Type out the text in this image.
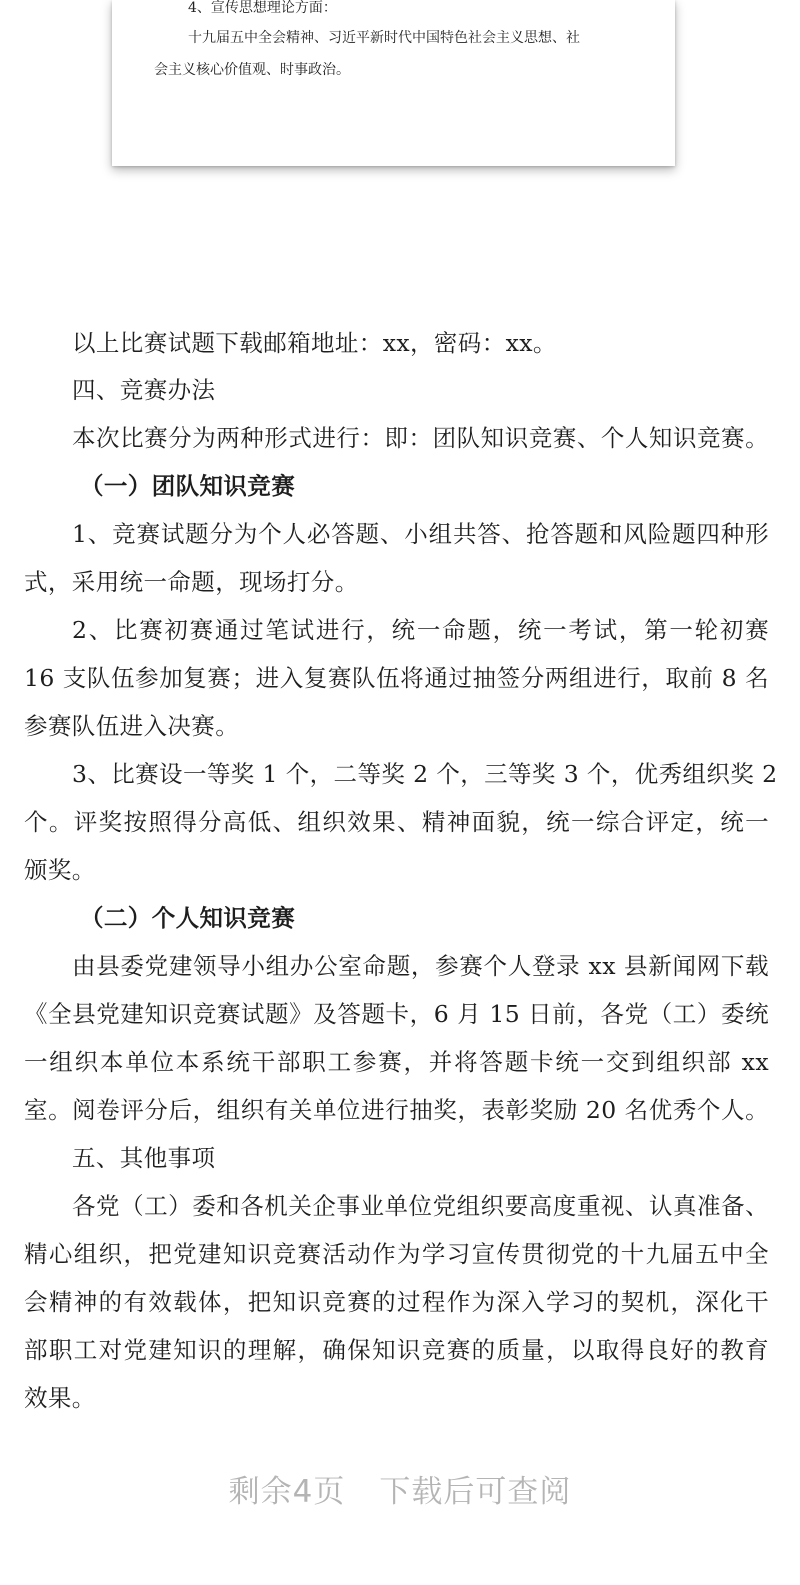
4、宣传思想理论方面：
十九届五中全会精神、习近平新时代中国特色社会主义思想、社
会主义核心价值观、时事政治。
以上比赛试题下载邮箱地址：xx，密码：xx。
四、竞赛办法
本次比赛分为两种形式进行：即：团队知识竞赛、个人知识竞赛。
（一）团队知识竞赛
1、竞赛试题分为个人必答题、小组共答、抢答题和风险题四种形
式，采用统一命题，现场打分。
2、比赛初赛通过笔试进行，统一命题，统一考试，第一轮初赛
16 支队伍参加复赛；进入复赛队伍将通过抽签分两组进行，取前 8 名
参赛队伍进入决赛。
3、比赛设一等奖 1 个，二等奖 2 个，三等奖 3 个，优秀组织奖 2
个。评奖按照得分高低、组织效果、精神面貌，统一综合评定，统一
颁奖。
（二）个人知识竞赛
由县委党建领导小组办公室命题，参赛个人登录 xx 县新闻网下载
《全县党建知识竞赛试题》及答题卡，6 月 15 日前，各党（工）委统
一组织本单位本系统干部职工参赛，并将答题卡统一交到组织部 xx
室。阅卷评分后，组织有关单位进行抽奖，表彰奖励 20 名优秀个人。
五、其他事项
各党（工）委和各机关企事业单位党组织要高度重视、认真准备、
精心组织，把党建知识竞赛活动作为学习宣传贯彻党的十九届五中全
会精神的有效载体，把知识竞赛的过程作为深入学习的契机，深化干
部职工对党建知识的理解，确保知识竞赛的质量，以取得良好的教育
效果。
剩余4页 下载后可查阅
